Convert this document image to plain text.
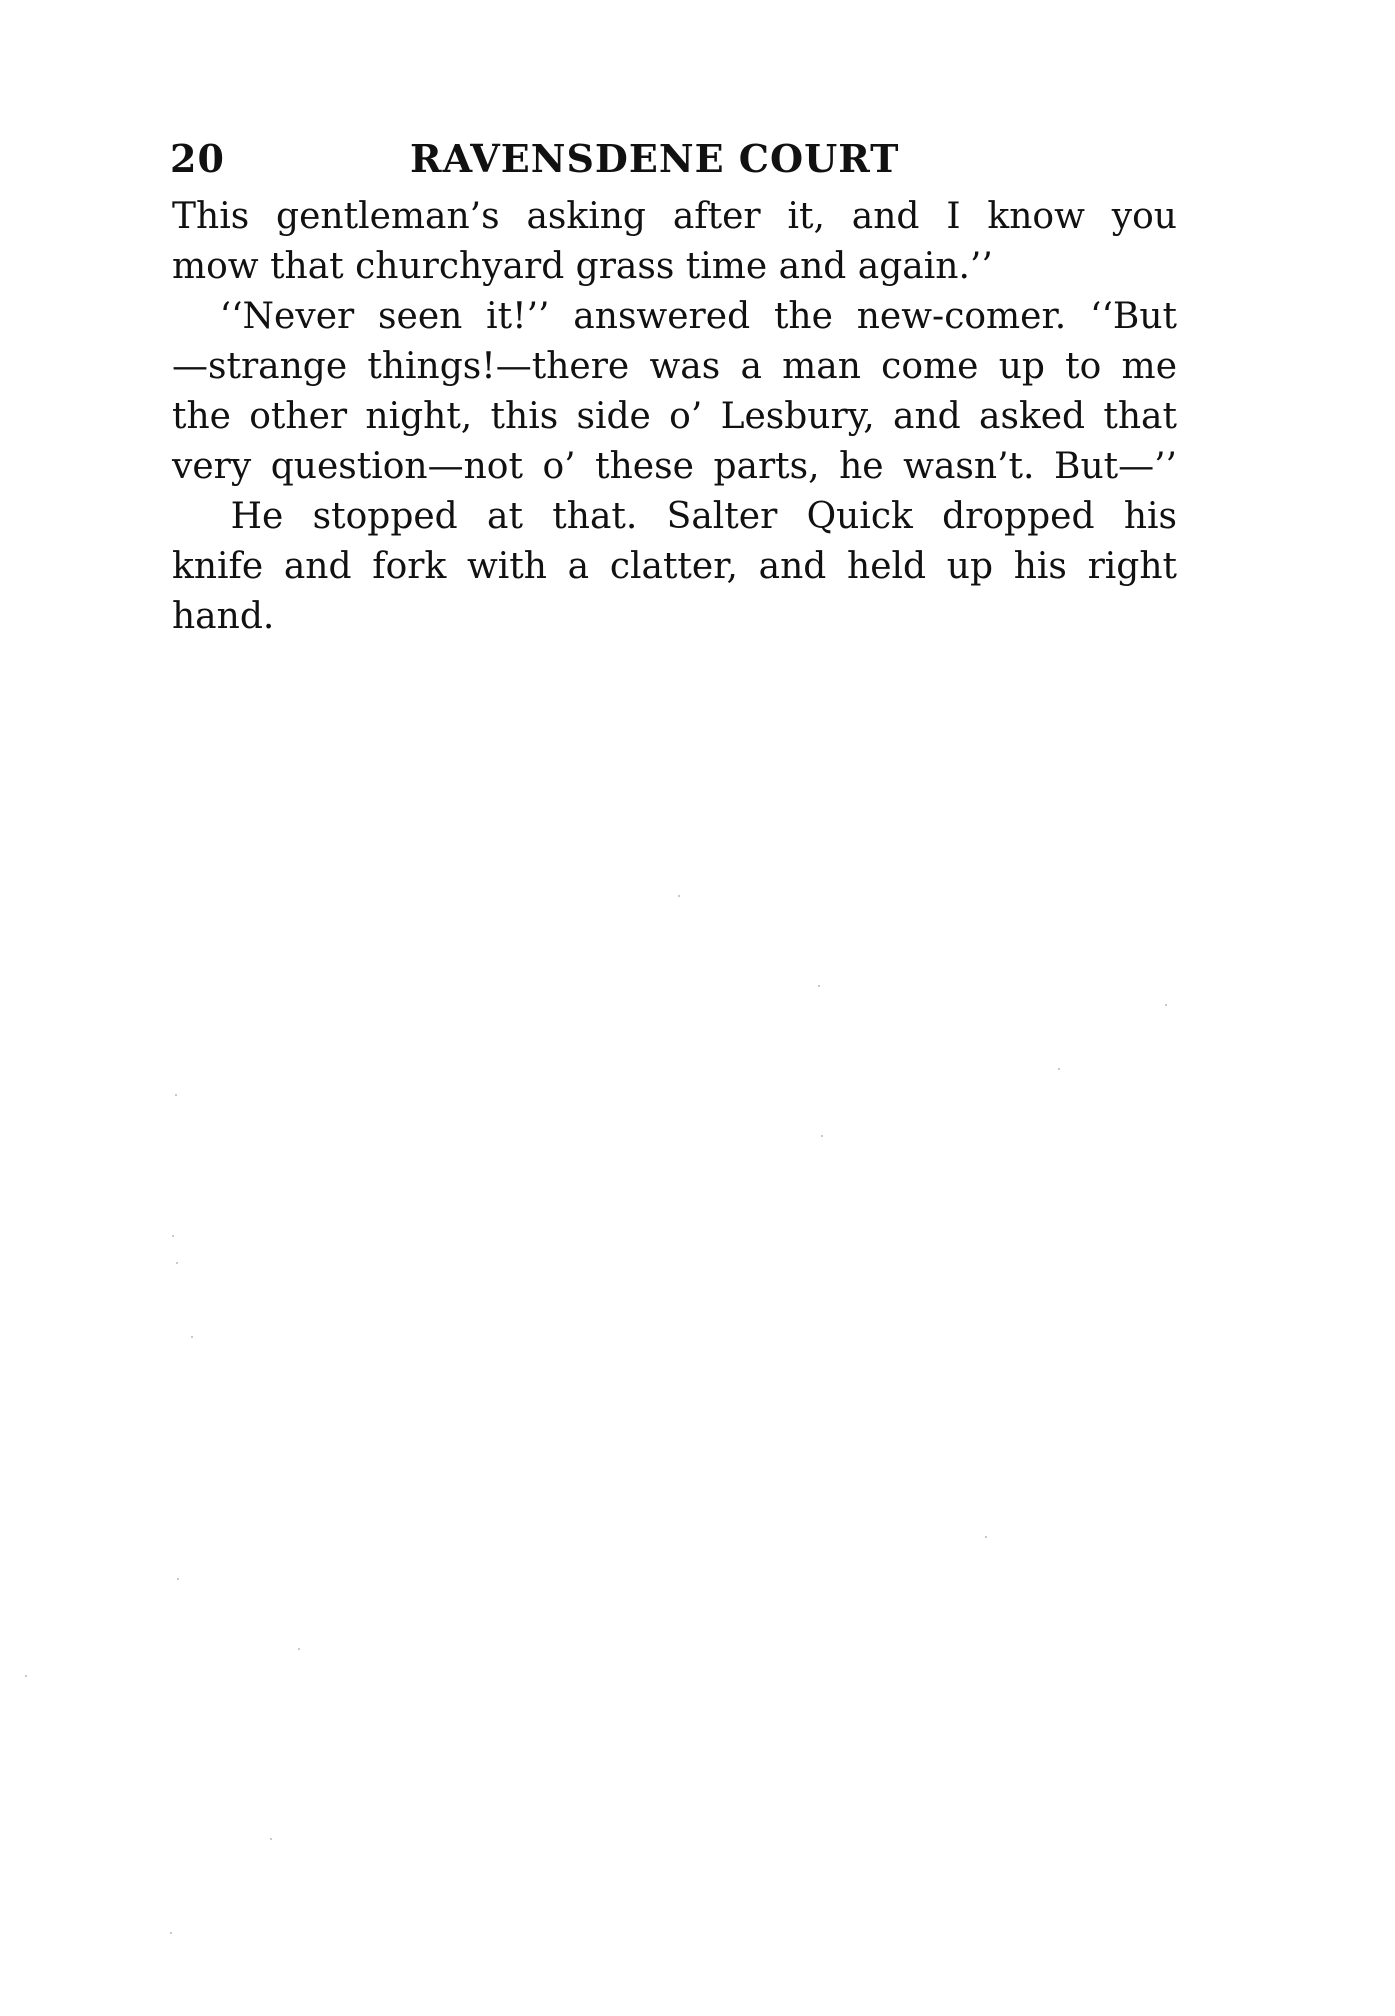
20	RAVENSDENE COURT
This gentleman’s asking after it, and I know you
mow that churchyard grass time and again.’’
‘‘Never seen it!’’ answered the new-comer. ‘‘But
—strange things!—there was a man come up to me
the other night, this side o’ Lesbury, and asked that
very question—not o’ these parts, he wasn’t. But—’’
He stopped at that. Salter Quick dropped his
knife and fork with a clatter, and held up his right
hand.
